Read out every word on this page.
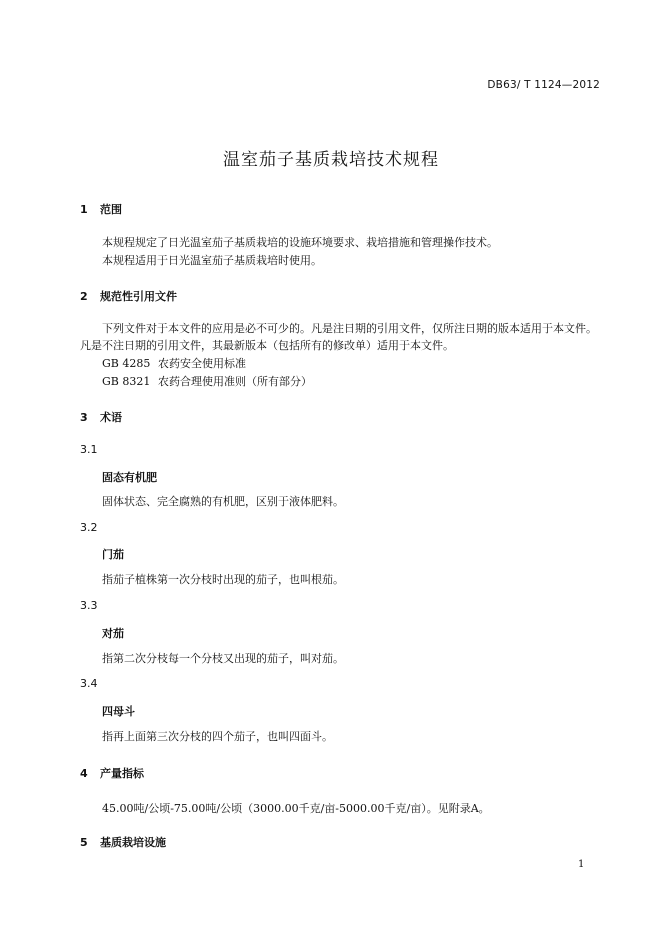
DB63/ T 1124—2012
温室茄子基质栽培技术规程
1 范围
本规程规定了日光温室茄子基质栽培的设施环境要求、栽培措施和管理操作技术。
本规程适用于日光温室茄子基质栽培时使用。
2 规范性引用文件
下列文件对于本文件的应用是必不可少的。凡是注日期的引用文件，仅所注日期的版本适用于本文件。凡是不注日期的引用文件，其最新版本（包括所有的修改单）适用于本文件。
GB 4285 农药安全使用标准
GB 8321 农药合理使用准则（所有部分）
3 术语
3.1
固态有机肥
固体状态、完全腐熟的有机肥，区别于液体肥料。
3.2
门茄
指茄子植株第一次分枝时出现的茄子，也叫根茄。
3.3
对茄
指第二次分枝每一个分枝又出现的茄子，叫对茄。
3.4
四母斗
指再上面第三次分枝的四个茄子，也叫四面斗。
4 产量指标
45.00吨/公顷-75.00吨/公顷（3000.00千克/亩-5000.00千克/亩）。见附录A。
5 基质栽培设施
1
